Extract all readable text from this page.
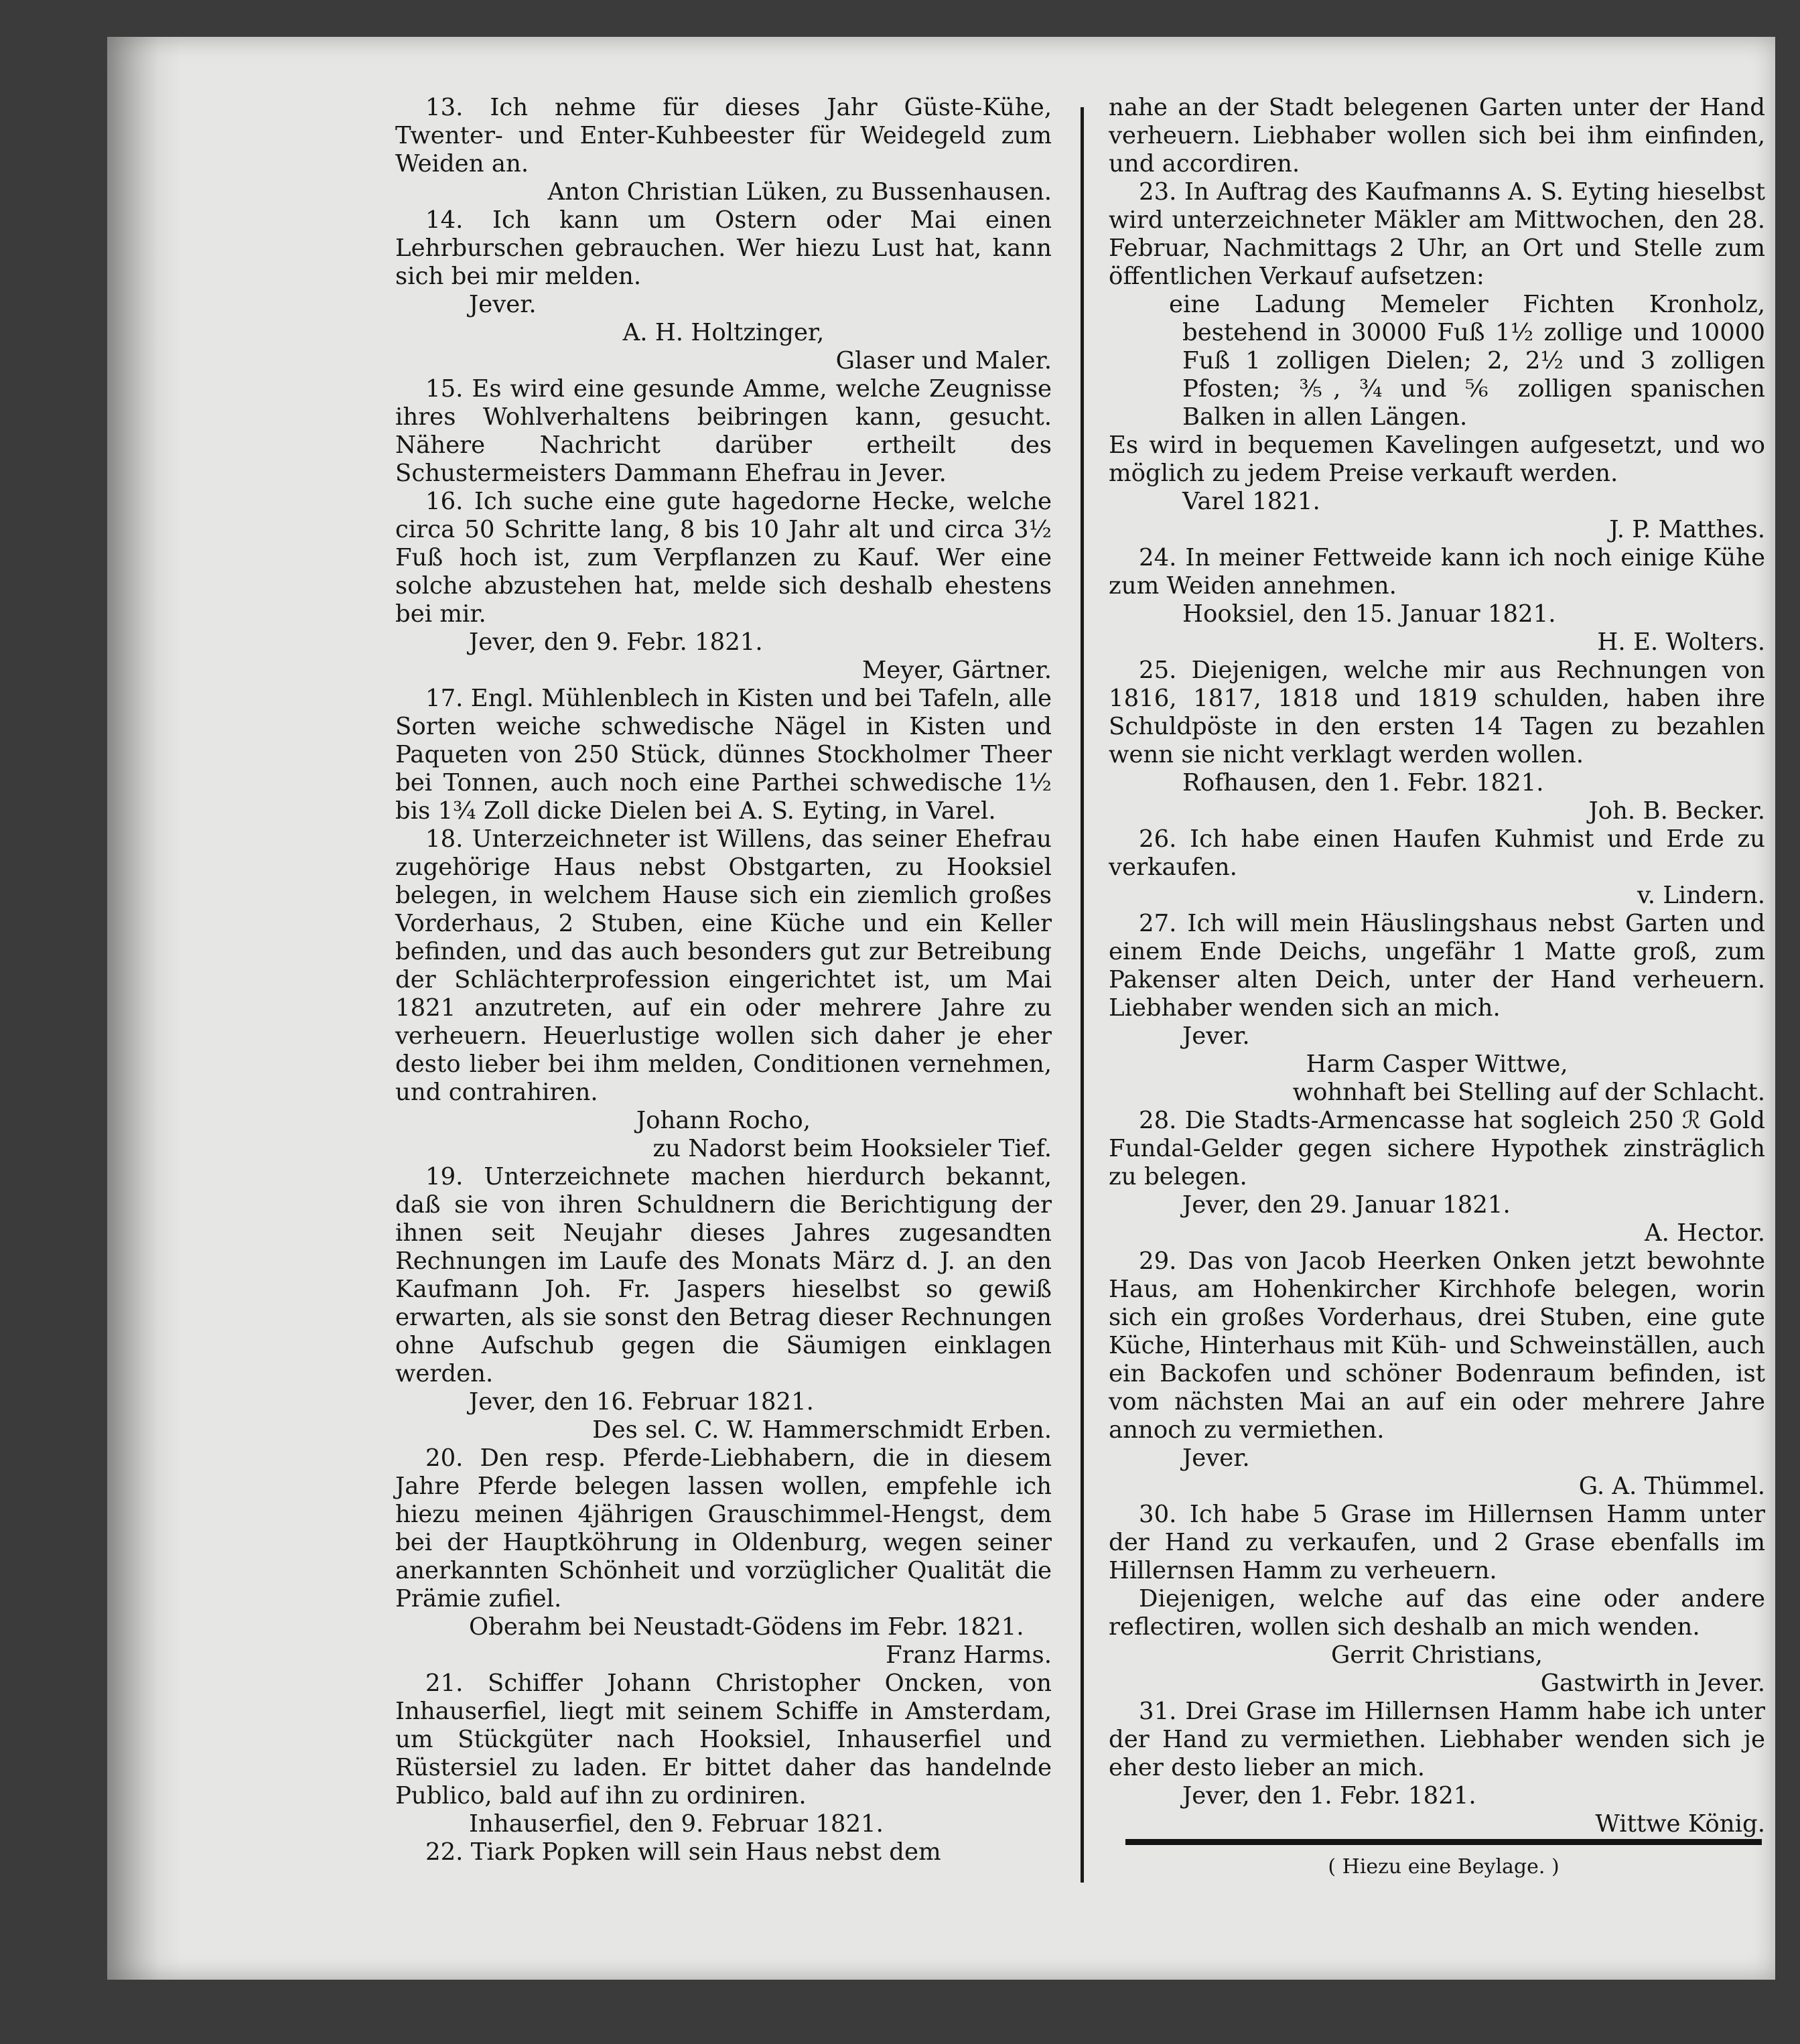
13. Ich nehme für dieses Jahr Güste-Kühe, Twenter- und Enter-Kuhbeester für Weidegeld zum Weiden an.

Anton Christian Lüken, zu Bussenhausen.

14. Ich kann um Ostern oder Mai einen Lehrburschen gebrauchen. Wer hiezu Lust hat, kann sich bei mir melden.

Jever.
A. H. Holtzinger,
Glaser und Maler.

15. Es wird eine gesunde Amme, welche Zeugnisse ihres Wohlverhaltens beibringen kann, gesucht. Nähere Nachricht darüber ertheilt des Schustermeisters Dammann Ehefrau in Jever.

16. Ich suche eine gute hagedorne Hecke, welche circa 50 Schritte lang, 8 bis 10 Jahr alt und circa 3½ Fuß hoch ist, zum Verpflanzen zu Kauf. Wer eine solche abzustehen hat, melde sich deshalb ehestens bei mir.

Jever, den 9. Febr. 1821.
Meyer, Gärtner.

17. Engl. Mühlenblech in Kisten und bei Tafeln, alle Sorten weiche schwedische Nägel in Kisten und Paqueten von 250 Stück, dünnes Stockholmer Theer bei Tonnen, auch noch eine Parthei schwedische 1½ bis 1¾ Zoll dicke Dielen bei A. S. Eyting, in Varel.

18. Unterzeichneter ist Willens, das seiner Ehefrau zugehörige Haus nebst Obstgarten, zu Hooksiel belegen, in welchem Hause sich ein ziemlich großes Vorderhaus, 2 Stuben, eine Küche und ein Keller befinden, und das auch besonders gut zur Betreibung der Schlächterprofession eingerichtet ist, um Mai 1821 anzutreten, auf ein oder mehrere Jahre zu verheuern. Heuerlustige wollen sich daher je eher desto lieber bei ihm melden, Conditionen vernehmen, und contrahiren.

Johann Rocho,
zu Nadorst beim Hooksieler Tief.

19. Unterzeichnete machen hierdurch bekannt, daß sie von ihren Schuldnern die Berichtigung der ihnen seit Neujahr dieses Jahres zugesandten Rechnungen im Laufe des Monats März d. J. an den Kaufmann Joh. Fr. Jaspers hieselbst so gewiß erwarten, als sie sonst den Betrag dieser Rechnungen ohne Aufschub gegen die Säumigen einklagen werden.

Jever, den 16. Februar 1821.
Des sel. C. W. Hammerschmidt Erben.

20. Den resp. Pferde-Liebhabern, die in diesem Jahre Pferde belegen lassen wollen, empfehle ich hiezu meinen 4jährigen Grauschimmel-Hengst, dem bei der Hauptköhrung in Oldenburg, wegen seiner anerkannten Schönheit und vorzüglicher Qualität die Prämie zufiel.

Oberahm bei Neustadt-Gödens im Febr. 1821.
Franz Harms.

21. Schiffer Johann Christopher Oncken, von Inhauserfiel, liegt mit seinem Schiffe in Amsterdam, um Stückgüter nach Hooksiel, Inhauserfiel und Rüstersiel zu laden. Er bittet daher das handelnde Publico, bald auf ihn zu ordiniren.

Inhauserfiel, den 9. Februar 1821.

22. Tiark Popken will sein Haus nebst dem

nahe an der Stadt belegenen Garten unter der Hand verheuern. Liebhaber wollen sich bei ihm einfinden, und accordiren.

23. In Auftrag des Kaufmanns A. S. Eyting hieselbst wird unterzeichneter Mäkler am Mittwochen, den 28. Februar, Nachmittags 2 Uhr, an Ort und Stelle zum öffentlichen Verkauf aufsetzen:

eine Ladung Memeler Fichten Kronholz, bestehend in 30000 Fuß 1½ zollige und 10000 Fuß 1 zolligen Dielen; 2, 2½ und 3 zolligen Pfosten; ⅗, ¾ und ⅚ zolligen spanischen Balken in allen Längen.

Es wird in bequemen Kavelingen aufgesetzt, und wo möglich zu jedem Preise verkauft werden.

Varel 1821.
J. P. Matthes.

24. In meiner Fettweide kann ich noch einige Kühe zum Weiden annehmen.

Hooksiel, den 15. Januar 1821.
H. E. Wolters.

25. Diejenigen, welche mir aus Rechnungen von 1816, 1817, 1818 und 1819 schulden, haben ihre Schuldpöste in den ersten 14 Tagen zu bezahlen wenn sie nicht verklagt werden wollen.

Rofhausen, den 1. Febr. 1821.
Joh. B. Becker.

26. Ich habe einen Haufen Kuhmist und Erde zu verkaufen.

v. Lindern.

27. Ich will mein Häuslingshaus nebst Garten und einem Ende Deichs, ungefähr 1 Matte groß, zum Pakenser alten Deich, unter der Hand verheuern. Liebhaber wenden sich an mich.

Jever.
Harm Casper Wittwe,
wohnhaft bei Stelling auf der Schlacht.

28. Die Stadts-Armencasse hat sogleich 250 ℛ Gold Fundal-Gelder gegen sichere Hypothek zinsträglich zu belegen.

Jever, den 29. Januar 1821.
A. Hector.

29. Das von Jacob Heerken Onken jetzt bewohnte Haus, am Hohenkircher Kirchhofe belegen, worin sich ein großes Vorderhaus, drei Stuben, eine gute Küche, Hinterhaus mit Küh- und Schweinställen, auch ein Backofen und schöner Bodenraum befinden, ist vom nächsten Mai an auf ein oder mehrere Jahre annoch zu vermiethen.

Jever.
G. A. Thümmel.

30. Ich habe 5 Grase im Hillernsen Hamm unter der Hand zu verkaufen, und 2 Grase ebenfalls im Hillernsen Hamm zu verheuern.

Diejenigen, welche auf das eine oder andere reflectiren, wollen sich deshalb an mich wenden.

Gerrit Christians,
Gastwirth in Jever.

31. Drei Grase im Hillernsen Hamm habe ich unter der Hand zu vermiethen. Liebhaber wenden sich je eher desto lieber an mich.

Jever, den 1. Febr. 1821.
Wittwe König.
( Hiezu eine Beylage. )
